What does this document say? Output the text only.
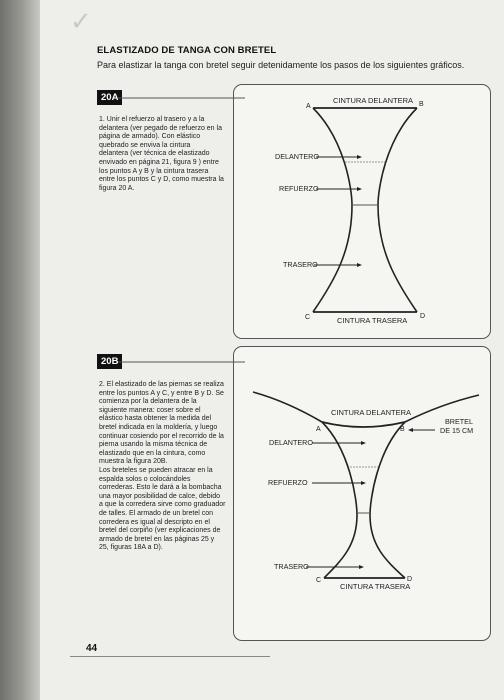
✓
ELASTIZADO DE TANGA CON BRETEL
Para elastizar la tanga con bretel seguir detenidamente los pasos de los siguientes gráficos.
20A
1. Unir el refuerzo al trasero y a la
delantera (ver pegado de refuerzo en la
página de armado). Con elástico
quebrado se enviva la cintura
delantera (ver técnica de elastizado
envivado en página 21, figura 9 ) entre
los puntos A y B y la cintura trasera
entre los puntos C y D, como muestra la
figura 20 A.
CINTURA DELANTERA
A	B
DELANTERO
REFUERZO
TRASERO
C	D
CINTURA TRASERA
20B
2. El elastizado de las piernas se realiza
entre los puntos A y C, y entre B y D. Se
comienza por la delantera de la
siguiente manera: coser sobre el
elástico hasta obtener la medida del
bretel indicada en la moldería, y luego
continuar cosiendo por el recorrido de la
pierna usando la misma técnica de
elastizado que en la cintura, como
muestra la figura 20B.
Los breteles se pueden atracar en la
espalda solos o colocándoles
correderas. Esto le dará a la bombacha
una mayor posibilidad de calce, debido
a que la corredera sirve como graduador
de talles. El armado de un bretel con
corredera es igual al descripto en el
bretel del corpiño (ver explicaciones de
armado de bretel en las páginas 25 y
25, figuras 18A a D).
CINTURA DELANTERA
A	B
BRETEL
DE 15 CM
DELANTERO
REFUERZO
TRASERO
C	D
CINTURA TRASERA
44
